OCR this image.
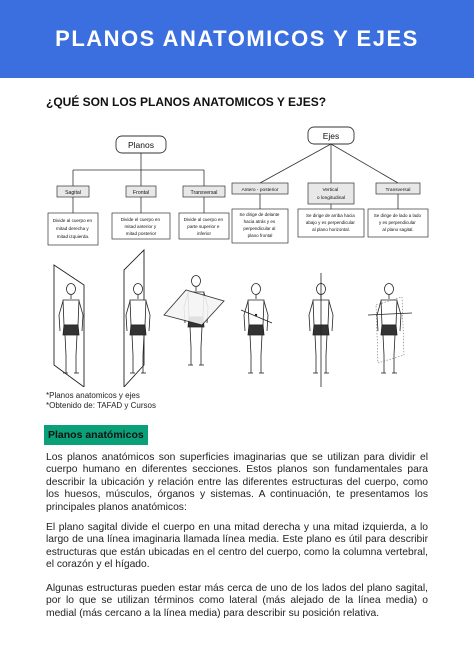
PLANOS ANATOMICOS Y EJES

¿QUÉ SON LOS PLANOS ANATOMICOS Y EJES?

Planos
Sagital
Divide al cuerpo en mitad derecha y mitad izquierda.
Frontal
Divide el cuerpo en mitad anterior y mitad posterior
Transversal
Divide al cuerpo en parte superior e inferior
Ejes
Antero - posterior
Se dirige de delante hacia atrás y es perpendicular al plano frontal
Vertical o longitudinal
Se dirige de arriba hacia abajo y es perpendicular al plano horizontal.
Transversal
Se dirige de lado a lado y es perpendicular al plano sagital.
*Planos anatomicos y ejes
*Obtenido de: TAFAD y Cursos
Planos anatómicos

Los planos anatómicos son superficies imaginarias que se utilizan para dividir el cuerpo humano en diferentes secciones. Estos planos son fundamentales para describir la ubicación y relación entre las diferentes estructuras del cuerpo, como los huesos, músculos, órganos y sistemas. A continuación, te presentamos los principales planos anatómicos:

El plano sagital divide el cuerpo en una mitad derecha y una mitad izquierda, a lo largo de una línea imaginaria llamada línea media. Este plano es útil para describir estructuras que están ubicadas en el centro del cuerpo, como la columna vertebral, el corazón y el hígado.

Algunas estructuras pueden estar más cerca de uno de los lados del plano sagital, por lo que se utilizan términos como lateral (más alejado de la línea media) o medial (más cercano a la línea media) para describir su posición relativa.
